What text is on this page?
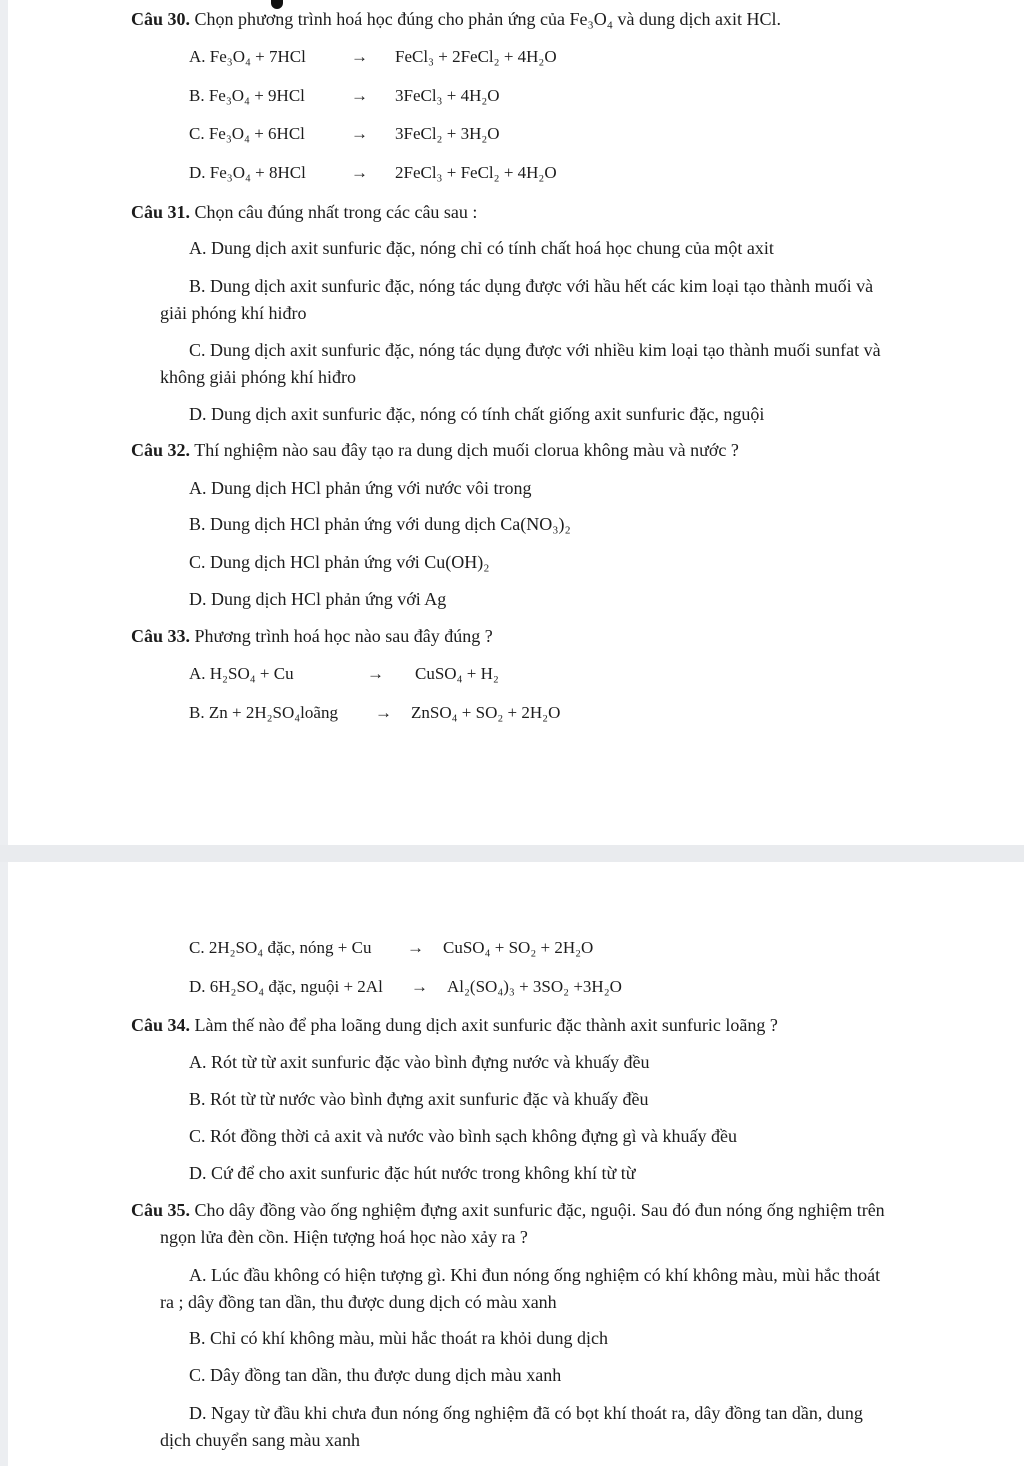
Câu 30. Chọn phương trình hoá học đúng cho phản ứng của Fe₃O₄ và dung dịch axit HCl.
A. Fe₃O₄ + 7HCl	→ FeCl₃ + 2FeCl₂ + 4H₂O
B. Fe₃O₄ + 9HCl	→ 3FeCl₃ + 4H₂O
C. Fe₃O₄ + 6HCl	→ 3FeCl₂ + 3H₂O
D. Fe₃O₄ + 8HCl	→ 2FeCl₃ + FeCl₂ + 4H₂O
Câu 31. Chọn câu đúng nhất trong các câu sau :
A. Dung dịch axit sunfuric đặc, nóng chỉ có tính chất hoá học chung của một axit
B. Dung dịch axit sunfuric đặc, nóng tác dụng được với hầu hết các kim loại tạo thành muối và
giải phóng khí hiđro
C. Dung dịch axit sunfuric đặc, nóng tác dụng được với nhiều kim loại tạo thành muối sunfat và
không giải phóng khí hiđro
D. Dung dịch axit sunfuric đặc, nóng có tính chất giống axit sunfuric đặc, nguội
Câu 32. Thí nghiệm nào sau đây tạo ra dung dịch muối clorua không màu và nước ?
A. Dung dịch HCl phản ứng với nước vôi trong
B. Dung dịch HCl phản ứng với dung dịch Ca(NO₃)₂
C. Dung dịch HCl phản ứng với Cu(OH)₂
D. Dung dịch HCl phản ứng với Ag
Câu 33. Phương trình hoá học nào sau đây đúng ?
A. H₂SO₄ + Cu	→ CuSO₄ + H₂
B. Zn + 2H₂SO₄loãng → ZnSO₄ + SO₂ + 2H₂O
C. 2H₂SO₄ đặc, nóng + Cu → CuSO₄ + SO₂ + 2H₂O
D. 6H₂SO₄ đặc, nguội + 2Al → Al₂(SO₄)₃ + 3SO₂ +3H₂O
Câu 34. Làm thế nào để pha loãng dung dịch axit sunfuric đặc thành axit sunfuric loãng ?
A. Rót từ từ axit sunfuric đặc vào bình đựng nước và khuấy đều
B. Rót từ từ nước vào bình đựng axit sunfuric đặc và khuấy đều
C. Rót đồng thời cả axit và nước vào bình sạch không đựng gì và khuấy đều
D. Cứ để cho axit sunfuric đặc hút nước trong không khí từ từ
Câu 35. Cho dây đồng vào ống nghiệm đựng axit sunfuric đặc, nguội. Sau đó đun nóng ống nghiệm trên
ngọn lửa đèn cồn. Hiện tượng hoá học nào xảy ra ?
A. Lúc đầu không có hiện tượng gì. Khi đun nóng ống nghiệm có khí không màu, mùi hắc thoát
ra ; dây đồng tan dần, thu được dung dịch có màu xanh
B. Chỉ có khí không màu, mùi hắc thoát ra khỏi dung dịch
C. Dây đồng tan dần, thu được dung dịch màu xanh
D. Ngay từ đầu khi chưa đun nóng ống nghiệm đã có bọt khí thoát ra, dây đồng tan dần, dung
dịch chuyển sang màu xanh
